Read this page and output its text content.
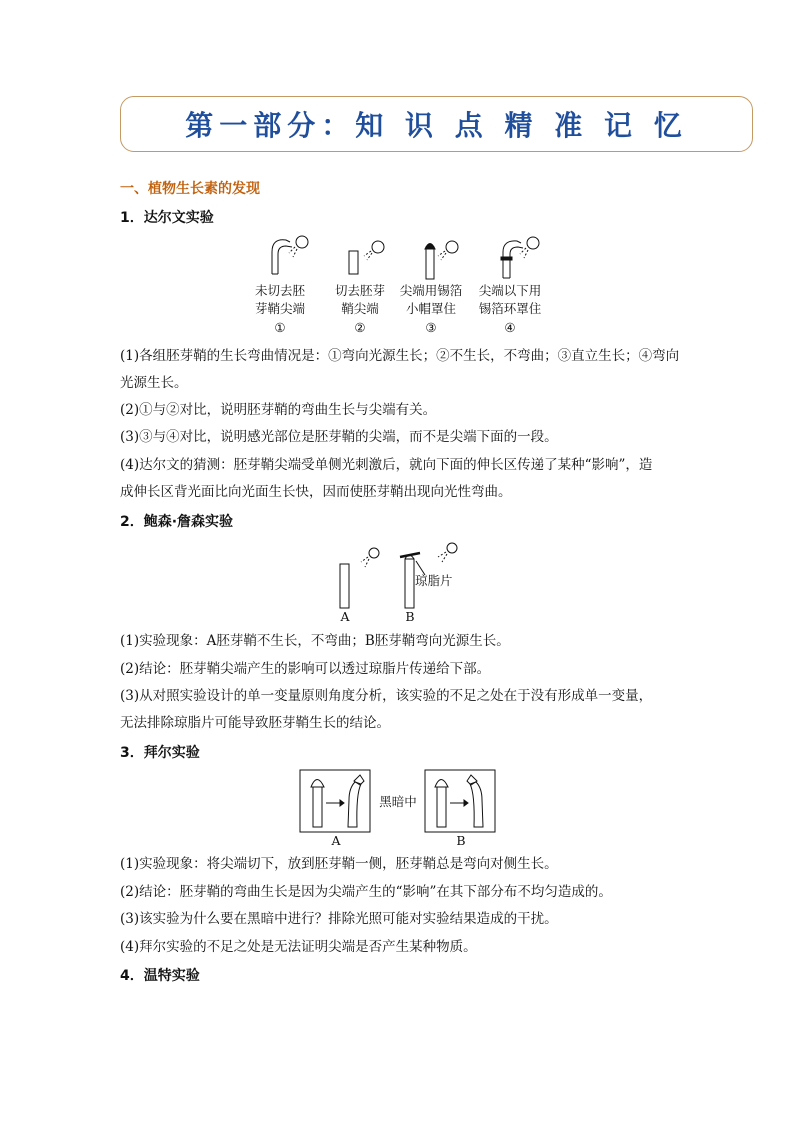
第一部分：知 识 点 精 准 记 忆
一、植物生长素的发现
1．达尔文实验
未切去胚
芽鞘尖端
①
切去胚芽
鞘尖端
②
尖端用锡箔
小帽罩住
③
尖端以下用
锡箔环罩住
④
(1)各组胚芽鞘的生长弯曲情况是：①弯向光源生长；②不生长，不弯曲；③直立生长；④弯向
光源生长。
(2)①与②对比，说明胚芽鞘的弯曲生长与尖端有关。
(3)③与④对比，说明感光部位是胚芽鞘的尖端，而不是尖端下面的一段。
(4)达尔文的猜测：胚芽鞘尖端受单侧光刺激后，就向下面的伸长区传递了某种“影响”，造
成伸长区背光面比向光面生长快，因而使胚芽鞘出现向光性弯曲。
2．鲍森·詹森实验
琼脂片
A	B
(1)实验现象：A胚芽鞘不生长，不弯曲；B胚芽鞘弯向光源生长。
(2)结论：胚芽鞘尖端产生的影响可以透过琼脂片传递给下部。
(3)从对照实验设计的单一变量原则角度分析，该实验的不足之处在于没有形成单一变量，
无法排除琼脂片可能导致胚芽鞘生长的结论。
3．拜尔实验
黑暗中
A	B
(1)实验现象：将尖端切下，放到胚芽鞘一侧，胚芽鞘总是弯向对侧生长。
(2)结论：胚芽鞘的弯曲生长是因为尖端产生的“影响”在其下部分布不均匀造成的。
(3)该实验为什么要在黑暗中进行？排除光照可能对实验结果造成的干扰。
(4)拜尔实验的不足之处是无法证明尖端是否产生某种物质。
4．温特实验
